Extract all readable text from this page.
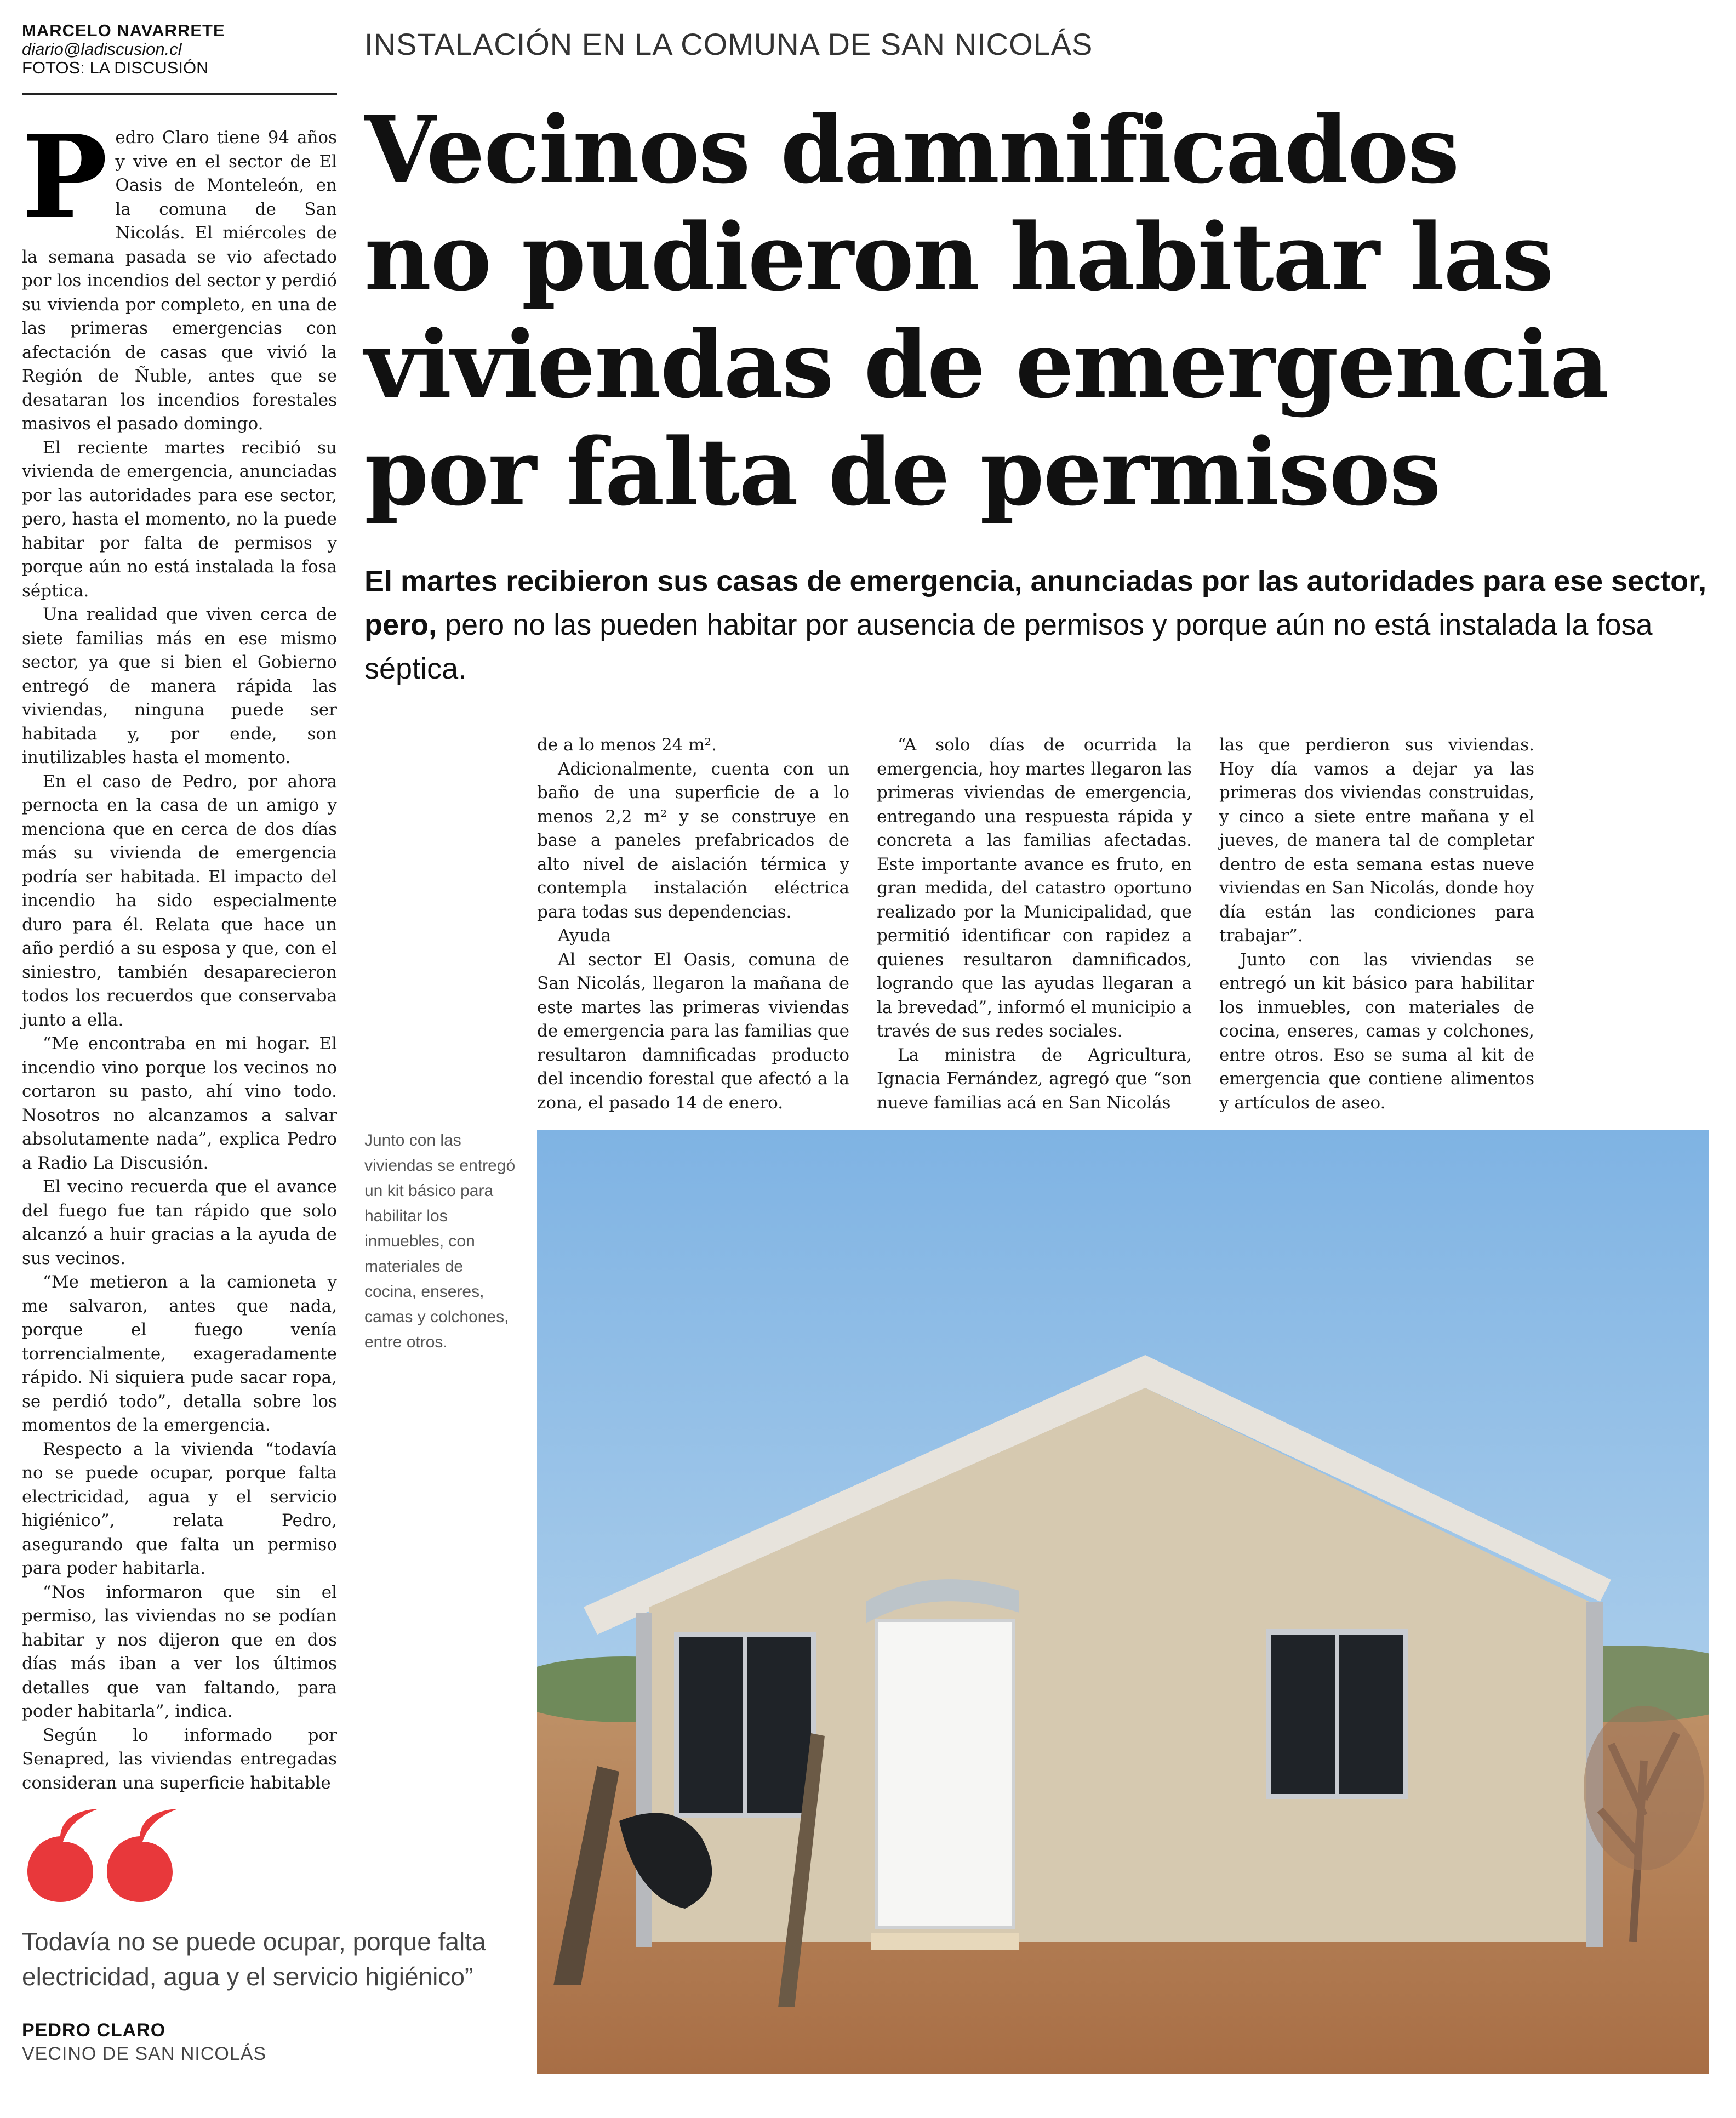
MARCELO NAVARRETE
diario@ladiscusion.cl
FOTOS: LA DISCUSIÓN
INSTALACIÓN EN LA COMUNA DE SAN NICOLÁS
Vecinos damnificados
no pudieron habitar las
viviendas de emergencia
por falta de permisos
El martes recibieron sus casas de emergencia, anunciadas por las autoridades para ese sector, pero, pero no las pueden habitar por ausencia de permisos y porque aún no está instalada la fosa séptica.
P edro Claro tiene 94 años y vive en el sector de El Oasis de Monteleón, en la comuna de San Nicolás. El miércoles de la semana pasada se vio afectado por los incendios del sector y perdió su vivienda por completo, en una de las primeras emergencias con afectación de casas que vivió la Región de Ñuble, antes que se desataran los incendios forestales masivos el pasado domingo.

El reciente martes recibió su vivienda de emergencia, anunciadas por las autoridades para ese sector, pero, hasta el momento, no la puede habitar por falta de permisos y porque aún no está instalada la fosa séptica.

Una realidad que viven cerca de siete familias más en ese mismo sector, ya que si bien el Gobierno entregó de manera rápida las viviendas, ninguna puede ser habitada y, por ende, son inutilizables hasta el momento.

En el caso de Pedro, por ahora pernocta en la casa de un amigo y menciona que en cerca de dos días más su vivienda de emergencia podría ser habitada. El impacto del incendio ha sido especialmente duro para él. Relata que hace un año perdió a su esposa y que, con el siniestro, también desaparecieron todos los recuerdos que conservaba junto a ella.

“Me encontraba en mi hogar. El incendio vino porque los vecinos no cortaron su pasto, ahí vino todo. Nosotros no alcanzamos a salvar absolutamente nada”, explica Pedro a Radio La Discusión.

El vecino recuerda que el avance del fuego fue tan rápido que solo alcanzó a huir gracias a la ayuda de sus vecinos.

“Me metieron a la camioneta y me salvaron, antes que nada, porque el fuego venía torrencialmente, exageradamente rápido. Ni siquiera pude sacar ropa, se perdió todo”, detalla sobre los momentos de la emergencia.

Respecto a la vivienda “todavía no se puede ocupar, porque falta electricidad, agua y el servicio higiénico”, relata Pedro, asegurando que falta un permiso para poder habitarla.

“Nos informaron que sin el permiso, las viviendas no se podían habitar y nos dijeron que en dos días más iban a ver los últimos detalles que van faltando, para poder habitarla”, indica.

Según lo informado por Senapred, las viviendas entregadas consideran una superficie habitable

de a lo menos 24 m².

Adicionalmente, cuenta con un baño de una superficie de a lo menos 2,2 m² y se construye en base a paneles prefabricados de alto nivel de aislación térmica y contempla instalación eléctrica para todas sus dependencias.

Ayuda

Al sector El Oasis, comuna de San Nicolás, llegaron la mañana de este martes las primeras viviendas de emergencia para las familias que resultaron damnificadas producto del incendio forestal que afectó a la zona, el pasado 14 de enero.

“A solo días de ocurrida la emergencia, hoy martes llegaron las primeras viviendas de emergencia, entregando una respuesta rápida y concreta a las familias afectadas. Este importante avance es fruto, en gran medida, del catastro oportuno realizado por la Municipalidad, que permitió identificar con rapidez a quienes resultaron damnificados, logrando que las ayudas llegaran a la brevedad”, informó el municipio a través de sus redes sociales.

La ministra de Agricultura, Ignacia Fernández, agregó que “son nueve familias acá en San Nicolás

las que perdieron sus viviendas. Hoy día vamos a dejar ya las primeras dos viviendas construidas, y cinco a siete entre mañana y el jueves, de manera tal de completar dentro de esta semana estas nueve viviendas en San Nicolás, donde hoy día están las condiciones para trabajar”.

Junto con las viviendas se entregó un kit básico para habilitar los inmuebles, con materiales de cocina, enseres, camas y colchones, entre otros. Eso se suma al kit de emergencia que contiene alimentos y artículos de aseo.

Junto con las viviendas se entregó un kit básico para habilitar los inmuebles, con materiales de cocina, enseres, camas y colchones, entre otros.
Todavía no se puede ocupar, porque falta electricidad, agua y el servicio higiénico”
PEDRO CLARO
VECINO DE SAN NICOLÁS
